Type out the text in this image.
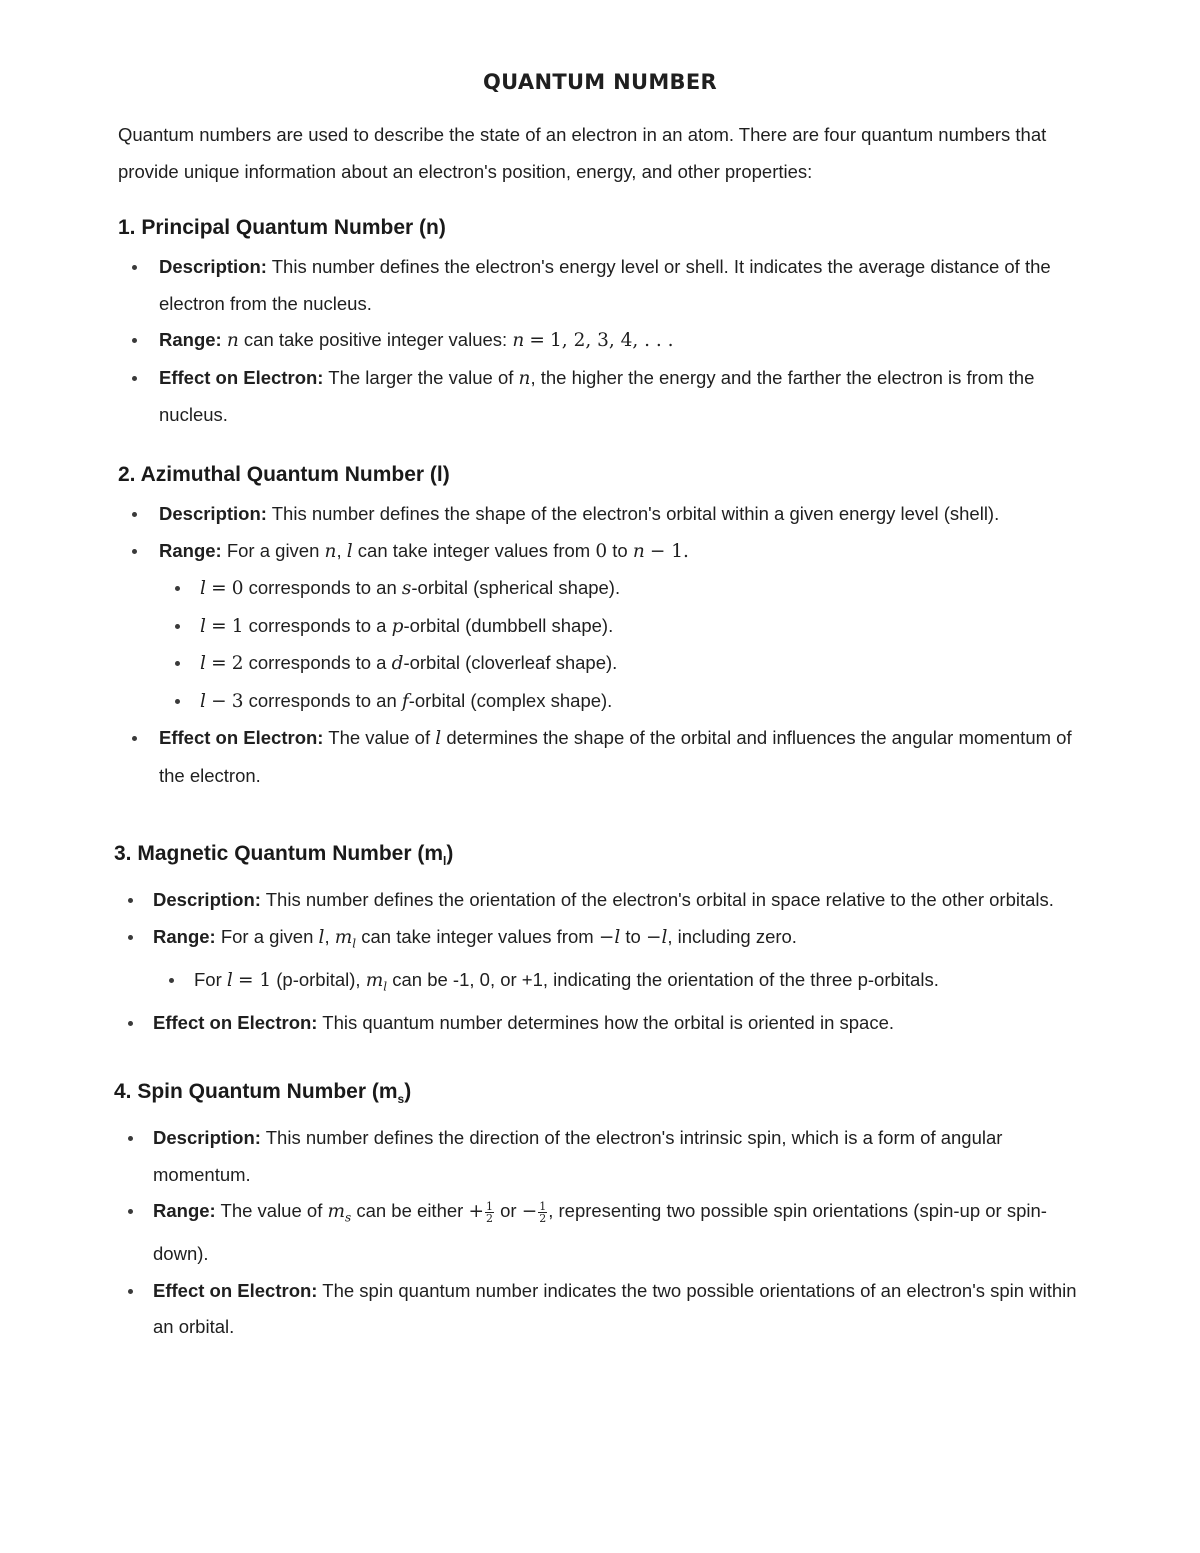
QUANTUM NUMBER

Quantum numbers are used to describe the state of an electron in an atom. There are four quantum numbers that provide unique information about an electron's position, energy, and other properties:

1. Principal Quantum Number (n)
Description: This number defines the electron's energy level or shell. It indicates the average distance of the electron from the nucleus.
Range: n can take positive integer values: n = 1, 2, 3, 4, . . .
Effect on Electron: The larger the value of n, the higher the energy and the farther the electron is from the nucleus.
2. Azimuthal Quantum Number (l)
Description: This number defines the shape of the electron's orbital within a given energy level (shell).
Range: For a given n, l can take integer values from 0 to n − 1.
l = 0 corresponds to an s-orbital (spherical shape).
l = 1 corresponds to a p-orbital (dumbbell shape).
l = 2 corresponds to a d-orbital (cloverleaf shape).
l − 3 corresponds to an f-orbital (complex shape).
Effect on Electron: The value of l determines the shape of the orbital and influences the angular momentum of the electron.
3. Magnetic Quantum Number $(m_l)$
Description: This number defines the orientation of the electron's orbital in space relative to the other orbitals.
Range: For a given l, $m_l$ can take integer values from −l to −l, including zero.
For l = 1 (p-orbital), $m_l$ can be -1, 0, or +1, indicating the orientation of the three p-orbitals.
Effect on Electron: This quantum number determines how the orbital is oriented in space.
4. Spin Quantum Number $(m_s)$
Description: This number defines the direction of the electron's intrinsic spin, which is a form of angular momentum.
Range: The value of $m_s$ can be either + $\frac{1}{2}$ or − $\frac{1}{2}$ , representing two possible spin orientations (spin-up or spin-down).
Effect on Electron: The spin quantum number indicates the two possible orientations of an electron's spin within an orbital.
